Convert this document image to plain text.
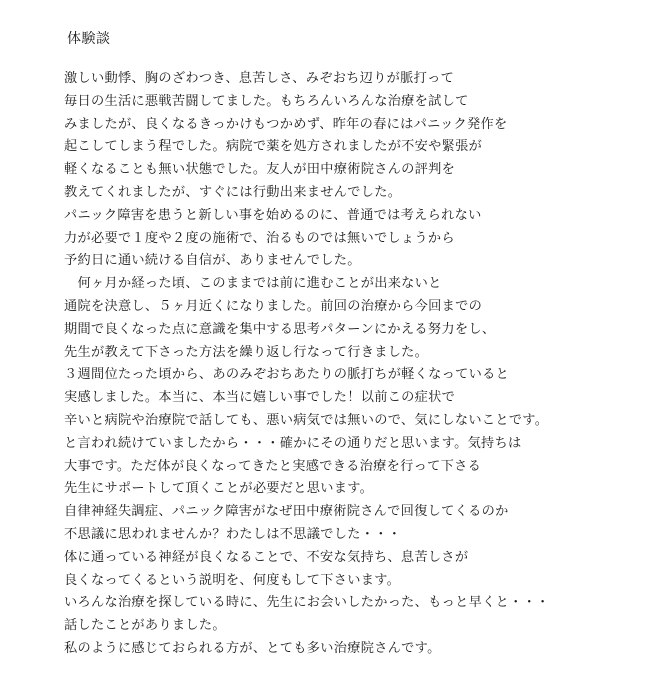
体験談
激しい動悸、胸のざわつき、息苦しさ、みぞおち辺りが脈打って
毎日の生活に悪戦苦闘してました。もちろんいろんな治療を試して
みましたが、良くなるきっかけもつかめず、昨年の春にはパニック発作を
起こしてしまう程でした。病院で薬を処方されましたが不安や緊張が
軽くなることも無い状態でした。友人が田中療術院さんの評判を
教えてくれましたが、すぐには行動出来ませんでした。
パニック障害を患うと新しい事を始めるのに、普通では考えられない
力が必要で１度や２度の施術で、治るものでは無いでしょうから
予約日に通い続ける自信が、ありませんでした。
　何ヶ月か経った頃、このままでは前に進むことが出来ないと
通院を決意し、５ヶ月近くになりました。前回の治療から今回までの
期間で良くなった点に意識を集中する思考パターンにかえる努力をし、
先生が教えて下さった方法を繰り返し行なって行きました。
３週間位たった頃から、あのみぞおちあたりの脈打ちが軽くなっていると
実感しました。本当に、本当に嬉しい事でした！以前この症状で
辛いと病院や治療院で話しても、悪い病気では無いので、気にしないことです。
と言われ続けていましたから・・・確かにその通りだと思います。気持ちは
大事です。ただ体が良くなってきたと実感できる治療を行って下さる
先生にサポートして頂くことが必要だと思います。
自律神経失調症、パニック障害がなぜ田中療術院さんで回復してくるのか
不思議に思われませんか？わたしは不思議でした・・・
体に通っている神経が良くなることで、不安な気持ち、息苦しさが
良くなってくるという説明を、何度もして下さいます。
いろんな治療を探している時に、先生にお会いしたかった、もっと早くと・・・
話したことがありました。
私のように感じておられる方が、とても多い治療院さんです。
